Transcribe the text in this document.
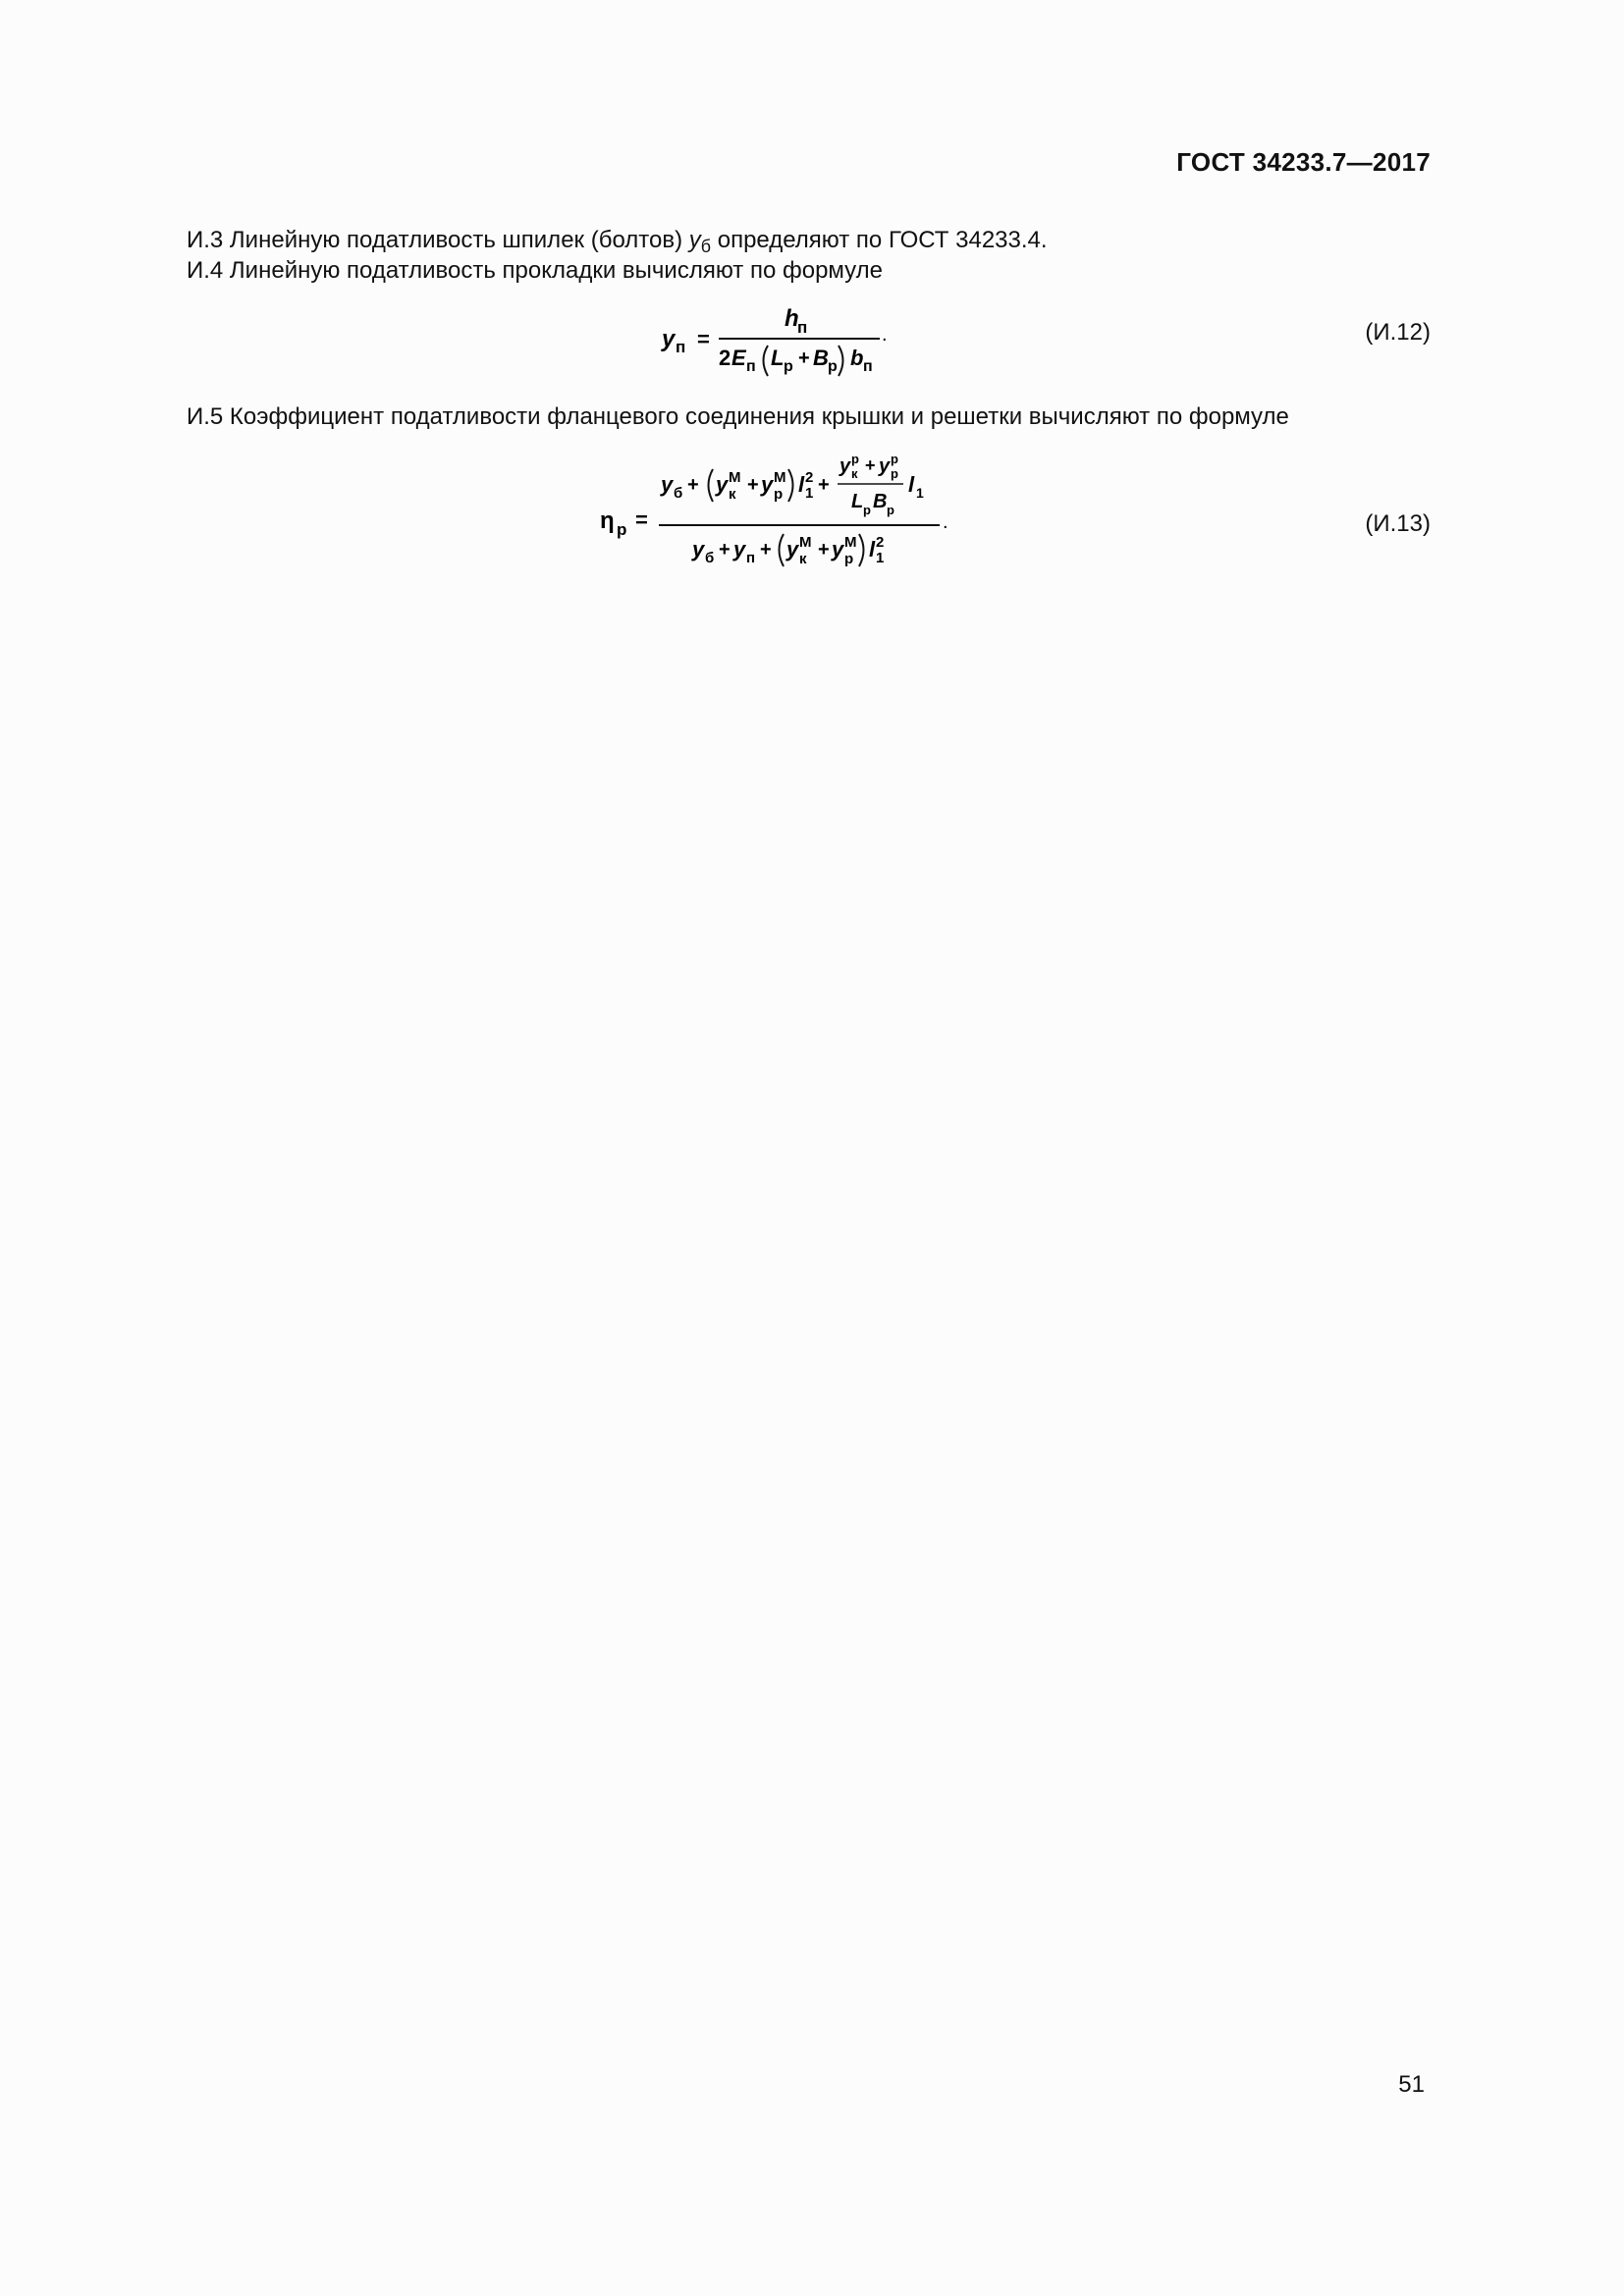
ГОСТ 34233.7—2017
И.3 Линейную податливость шпилек (болтов) $y_б$ определяют по ГОСТ 34233.4.
И.4 Линейную податливость прокладки вычисляют по формуле
y п =
h
п
2 E п L р + B р b п
.	(И.12)
И.5 Коэффициент податливости фланцевого соединения крышки и решетки вычисляют по формуле
η р =
y б + y М
к + y М
р l 2
1 +
y р
к + y р
р
L р B р
l 1
.
y б + y п + y М
к + y М
р l 2
1
(И.13)
51
